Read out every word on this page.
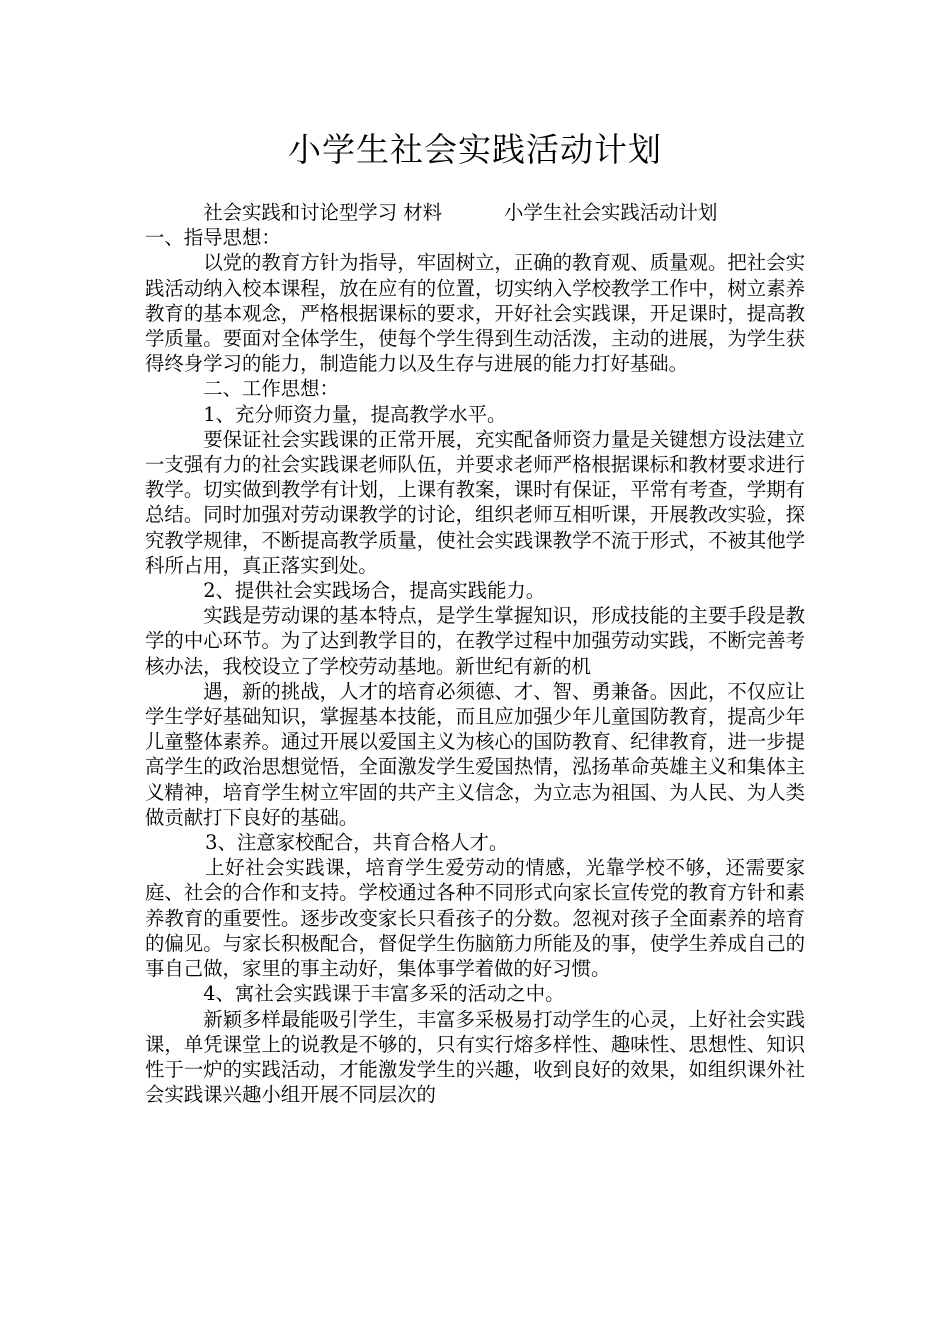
小学生社会实践活动计划
社会实践和讨论型学习 材料	小学生社会实践活动计划

一、指导思想：

以党的教育方针为指导，牢固树立，正确的教育观、质量观。把社会实践活动纳入校本课程，放在应有的位置，切实纳入学校教学工作中，树立素养教育的基本观念，严格根据课标的要求，开好社会实践课，开足课时，提高教学质量。要面对全体学生，使每个学生得到生动活泼，主动的进展，为学生获得终身学习的能力，制造能力以及生存与进展的能力打好基础。

二、工作思想：

1、充分师资力量，提高教学水平。

要保证社会实践课的正常开展，充实配备师资力量是关键想方设法建立一支强有力的社会实践课老师队伍，并要求老师严格根据课标和教材要求进行教学。切实做到教学有计划，上课有教案，课时有保证，平常有考查，学期有总结。同时加强对劳动课教学的讨论，组织老师互相听课，开展教改实验，探究教学规律，不断提高教学质量，使社会实践课教学不流于形式，不被其他学科所占用，真正落实到处。

2、提供社会实践场合，提高实践能力。

实践是劳动课的基本特点，是学生掌握知识，形成技能的主要手段是教学的中心环节。为了达到教学目的，在教学过程中加强劳动实践，不断完善考核办法，我校设立了学校劳动基地。新世纪有新的机

遇，新的挑战，人才的培育必须德、才、智、勇兼备。因此，不仅应让学生学好基础知识，掌握基本技能，而且应加强少年儿童国防教育，提高少年儿童整体素养。通过开展以爱国主义为核心的国防教育、纪律教育，进一步提高学生的政治思想觉悟，全面激发学生爱国热情，泓扬革命英雄主义和集体主义精神，培育学生树立牢固的共产主义信念，为立志为祖国、为人民、为人类做贡献打下良好的基础。

3、注意家校配合，共育合格人才。

上好社会实践课，培育学生爱劳动的情感，光靠学校不够，还需要家庭、社会的合作和支持。学校通过各种不同形式向家长宣传党的教育方针和素养教育的重要性。逐步改变家长只看孩子的分数。忽视对孩子全面素养的培育的偏见。与家长积极配合，督促学生伤脑筋力所能及的事，使学生养成自己的事自己做，家里的事主动好，集体事学着做的好习惯。

4、寓社会实践课于丰富多采的活动之中。

新颖多样最能吸引学生，丰富多采极易打动学生的心灵，上好社会实践课，单凭课堂上的说教是不够的，只有实行熔多样性、趣味性、思想性、知识性于一炉的实践活动，才能激发学生的兴趣，收到良好的效果，如组织课外社会实践课兴趣小组开展不同层次的
